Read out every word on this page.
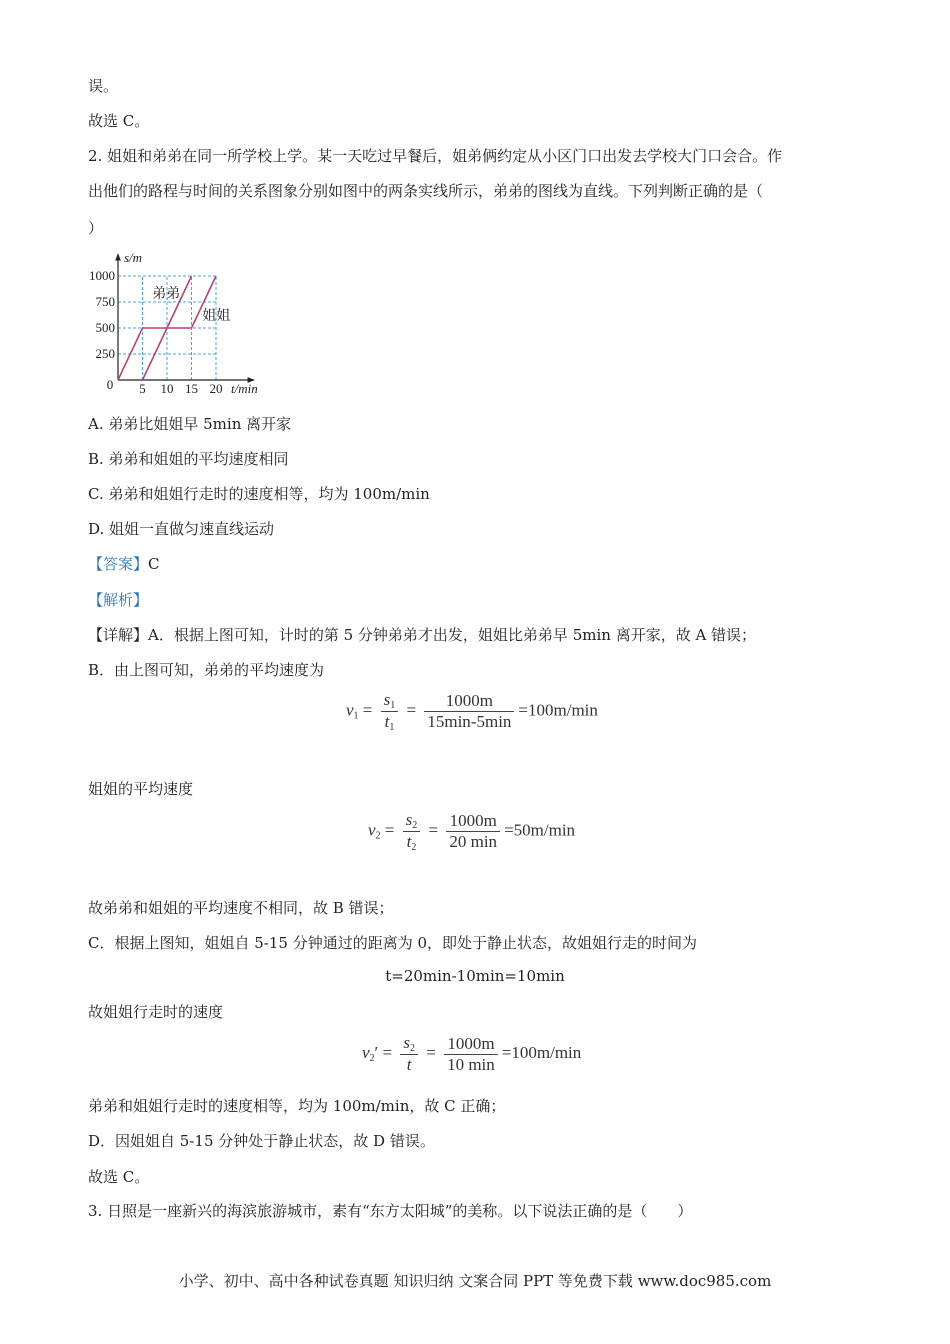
误。
故选 C。
2. 姐姐和弟弟在同一所学校上学。某一天吃过早餐后，姐弟俩约定从小区门口出发去学校大门口会合。作
出他们的路程与时间的关系图象分别如图中的两条实线所示，弟弟的图线为直线。下列判断正确的是（
）
0 5 10 15 20
250
500
750
1000
s/m
t/min
弟弟
姐姐
A. 弟弟比姐姐早 5min 离开家
B. 弟弟和姐姐的平均速度相同
C. 弟弟和姐姐行走时的速度相等，均为 100m/min
D. 姐姐一直做匀速直线运动
【答案】C
【解析】
【详解】A．根据上图可知，计时的第 5 分钟弟弟才出发，姐姐比弟弟早 5min 离开家，故 A 错误；
B．由上图可知，弟弟的平均速度为
$v_1 = \frac{s_1}{t_1} = \frac{1000m}{15\min-5\min} =100m/\min$
姐姐的平均速度
$v_2 = \frac{s_2}{t_2} = \frac{1000m}{20 \min} =50m/\min$
故弟弟和姐姐的平均速度不相同，故 B 错误；
C．根据上图知，姐姐自 5-15 分钟通过的距离为 0，即处于静止状态，故姐姐行走的时间为
t=20min-10min=10min
故姐姐行走时的速度
$v_2' = \frac{s_2}{t} = \frac{1000m}{10 \min} =100m/\min$
弟弟和姐姐行走时的速度相等，均为 100m/min，故 C 正确；
D．因姐姐自 5-15 分钟处于静止状态，故 D 错误。
故选 C。
3. 日照是一座新兴的海滨旅游城市，素有“东方太阳城”的美称。以下说法正确的是（　　）
小学、初中、高中各种试卷真题 知识归纳 文案合同 PPT 等免费下载 www.doc985.com
